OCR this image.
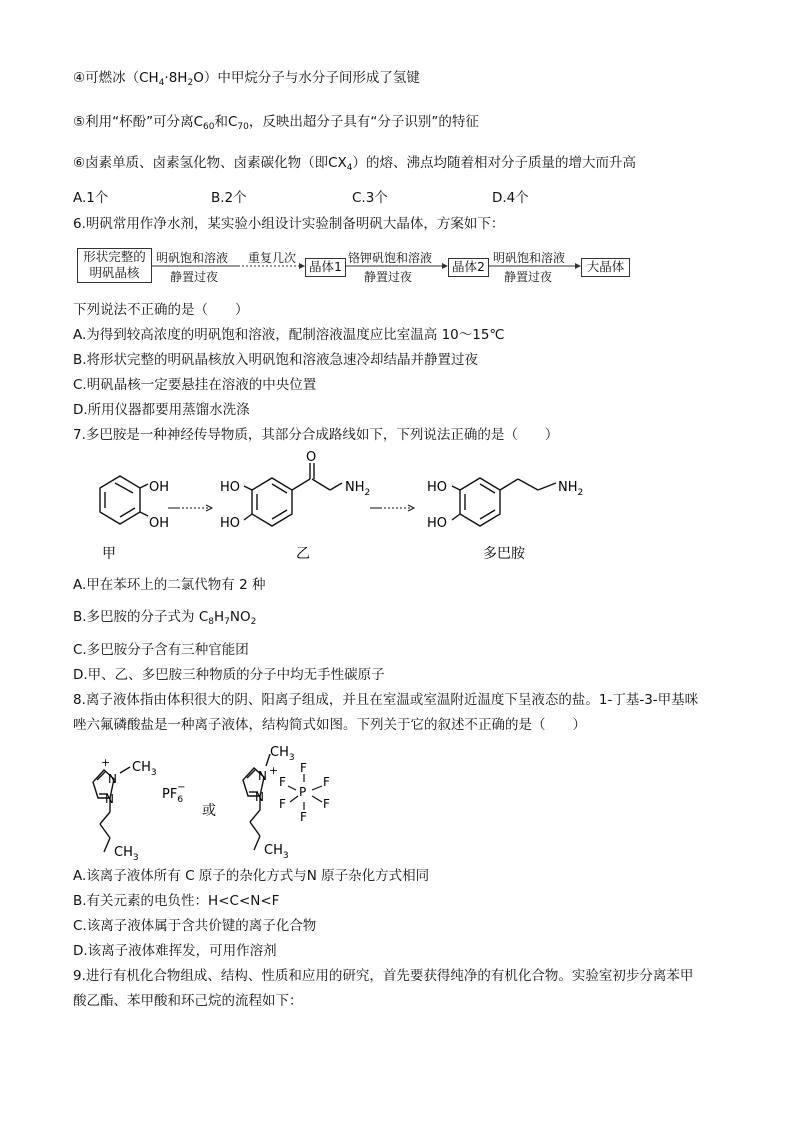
④可燃冰$(CH_4\cdot 8H_2O)$中甲烷分子与水分子间形成了氢键
⑤利用“杯酚”可分离$C_{60}$和$C_{70}$，反映出超分子具有“分子识别”的特征
⑥卤素单质、卤素氢化物、卤素碳化物（即$CX_4$）的熔、沸点均随着相对分子质量的增大而升高
A.1个	B.2个	C.3个	D.4个
6.明矾常用作净水剂，某实验小组设计实验制备明矾大晶体，方案如下：
形状完整的
明矾晶核
明矾饱和溶液
静置过夜
重复几次
晶体1
铬钾矾饱和溶液
静置过夜
晶体2
明矾饱和溶液
静置过夜
大晶体
下列说法不正确的是（　　）
A.为得到较高浓度的明矾饱和溶液，配制溶液温度应比室温高 10～15℃
B.将形状完整的明矾晶核放入明矾饱和溶液急速冷却结晶并静置过夜
C.明矾晶核一定要悬挂在溶液的中央位置
D.所用仪器都要用蒸馏水洗涤
7.多巴胺是一种神经传导物质，其部分合成路线如下，下列说法正确的是（　　）
OH
OH
甲
HO
HO
O
$NH_2$
乙
HO
HO
$NH_2$
多巴胺
A.甲在苯环上的二氯代物有 2 种
B.多巴胺的分子式为 $C_8H_7NO_2$
C.多巴胺分子含有三种官能团
D.甲、乙、多巴胺三种物质的分子中均无手性碳原子
8.离子液体指由体积很大的阴、阳离子组成，并且在室温或室温附近温度下呈液态的盐。1-丁基-3-甲基咪
唑六氟磷酸盐是一种离子液体，结构简式如图。下列关于它的叙述不正确的是（　　）
N
+
N
$CH_3$
$CH_3$
$PF_6-$
或
N +
N
$CH_3$
$CH_3$
P
F
F	F
F	F
F
A.该离子液体所有 C 原子的杂化方式与N 原子杂化方式相同
B.有关元素的电负性：H<C<N<F
C.该离子液体属于含共价键的离子化合物
D.该离子液体难挥发，可用作溶剂
9.进行有机化合物组成、结构、性质和应用的研究，首先要获得纯净的有机化合物。实验室初步分离苯甲
酸乙酯、苯甲酸和环己烷的流程如下：
